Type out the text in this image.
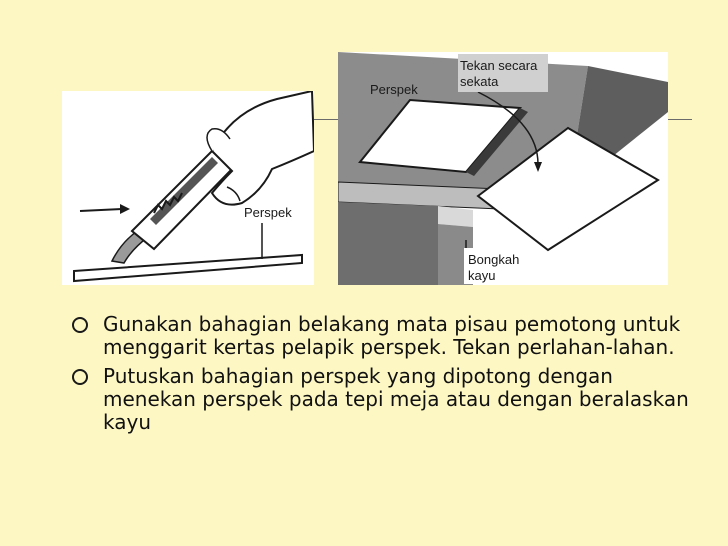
Perspek
Tekan secara
sekata
Perspek
Bongkah
kayu
Gunakan bahagian belakang mata pisau pemotong untuk menggarit kertas pelapik perspek. Tekan perlahan-lahan.
Putuskan bahagian perspek yang dipotong dengan menekan perspek pada tepi meja atau dengan beralaskan kayu
